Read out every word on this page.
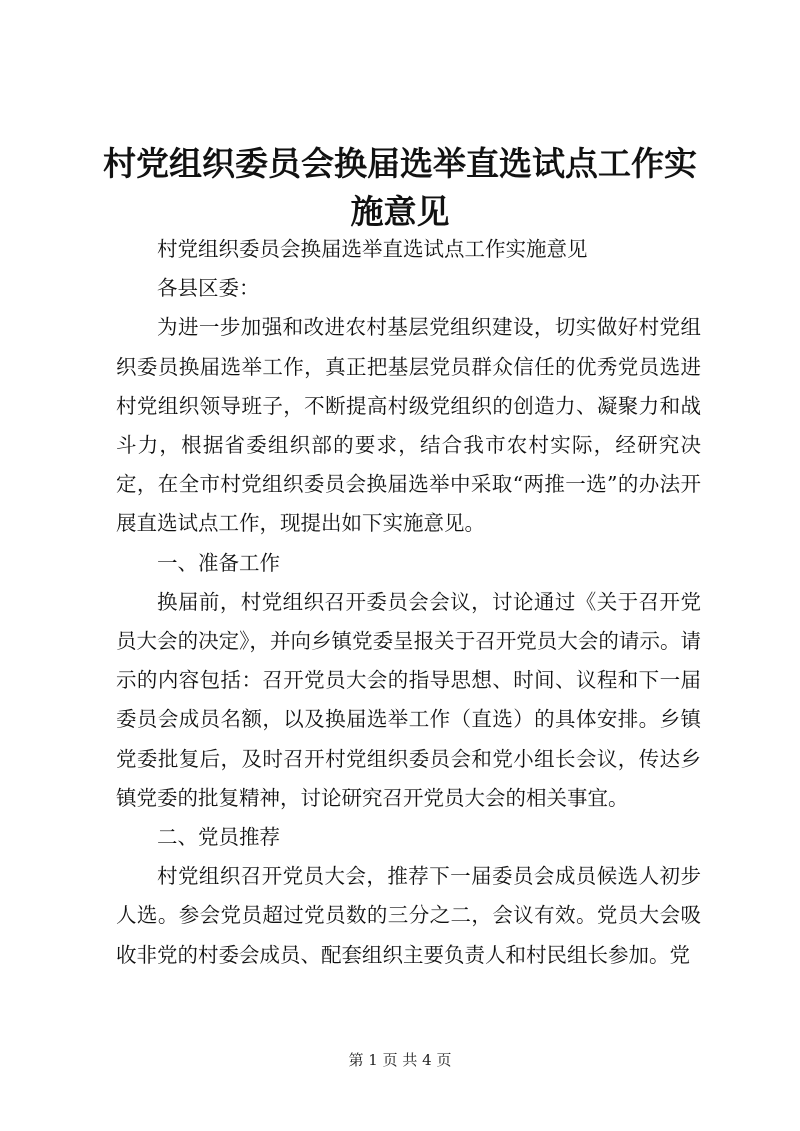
村党组织委员会换届选举直选试点工作实施意见

村党组织委员会换届选举直选试点工作实施意见

各县区委：

为进一步加强和改进农村基层党组织建设，切实做好村党组织委员换届选举工作，真正把基层党员群众信任的优秀党员选进村党组织领导班子，不断提高村级党组织的创造力、凝聚力和战斗力，根据省委组织部的要求，结合我市农村实际，经研究决定，在全市村党组织委员会换届选举中采取“两推一选”的办法开展直选试点工作，现提出如下实施意见。

一、准备工作

换届前，村党组织召开委员会会议，讨论通过《关于召开党员大会的决定》，并向乡镇党委呈报关于召开党员大会的请示。请示的内容包括：召开党员大会的指导思想、时间、议程和下一届委员会成员名额，以及换届选举工作（直选）的具体安排。乡镇党委批复后，及时召开村党组织委员会和党小组长会议，传达乡镇党委的批复精神，讨论研究召开党员大会的相关事宜。

二、党员推荐

村党组织召开党员大会，推荐下一届委员会成员候选人初步人选。参会党员超过党员数的三分之二，会议有效。党员大会吸收非党的村委会成员、配套组织主要负责人和村民组长参加。党

第 1 页 共 4 页
